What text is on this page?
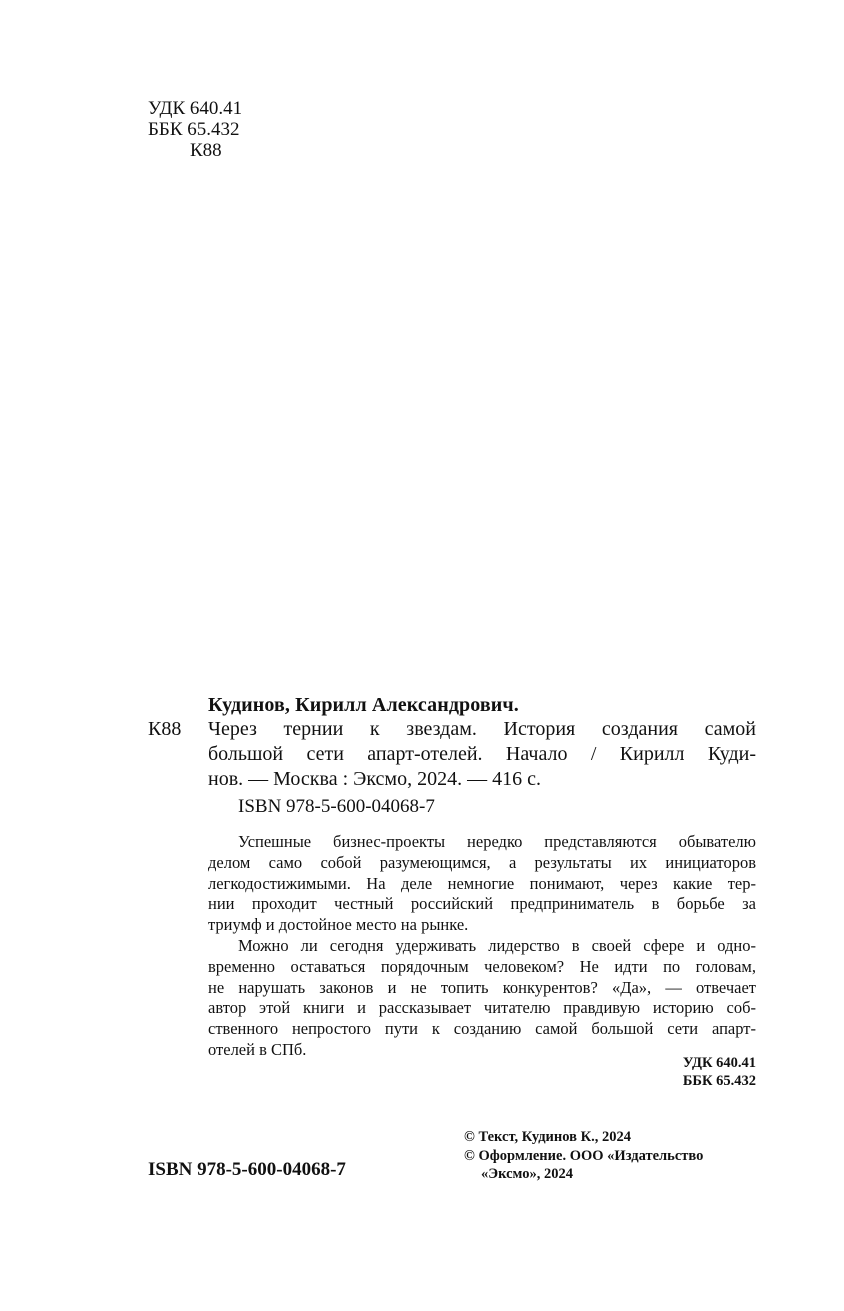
УДК 640.41
ББК 65.432
К88
Кудинов, Кирилл Александрович.
К88 Через тернии к звездам. История создания самой
большой сети апарт-отелей. Начало / Кирилл Куди-
нов. — Москва : Эксмо, 2024. — 416 с.
ISBN 978-5-600-04068-7
Успешные бизнес-проекты нередко представляются обывателю
делом само собой разумеющимся, а результаты их инициаторов
легкодостижимыми. На деле немногие понимают, через какие тер-
нии проходит честный российский предприниматель в борьбе за
триумф и достойное место на рынке.
Можно ли сегодня удерживать лидерство в своей сфере и одно-
временно оставаться порядочным человеком? Не идти по головам,
не нарушать законов и не топить конкурентов? «Да», — отвечает
автор этой книги и рассказывает читателю правдивую историю соб-
ственного непростого пути к созданию самой большой сети апарт-
отелей в СПб.
УДК 640.41
ББК 65.432
© Текст, Кудинов К., 2024
© Оформление. ООО «Издательство
«Эксмо», 2024
ISBN 978-5-600-04068-7
